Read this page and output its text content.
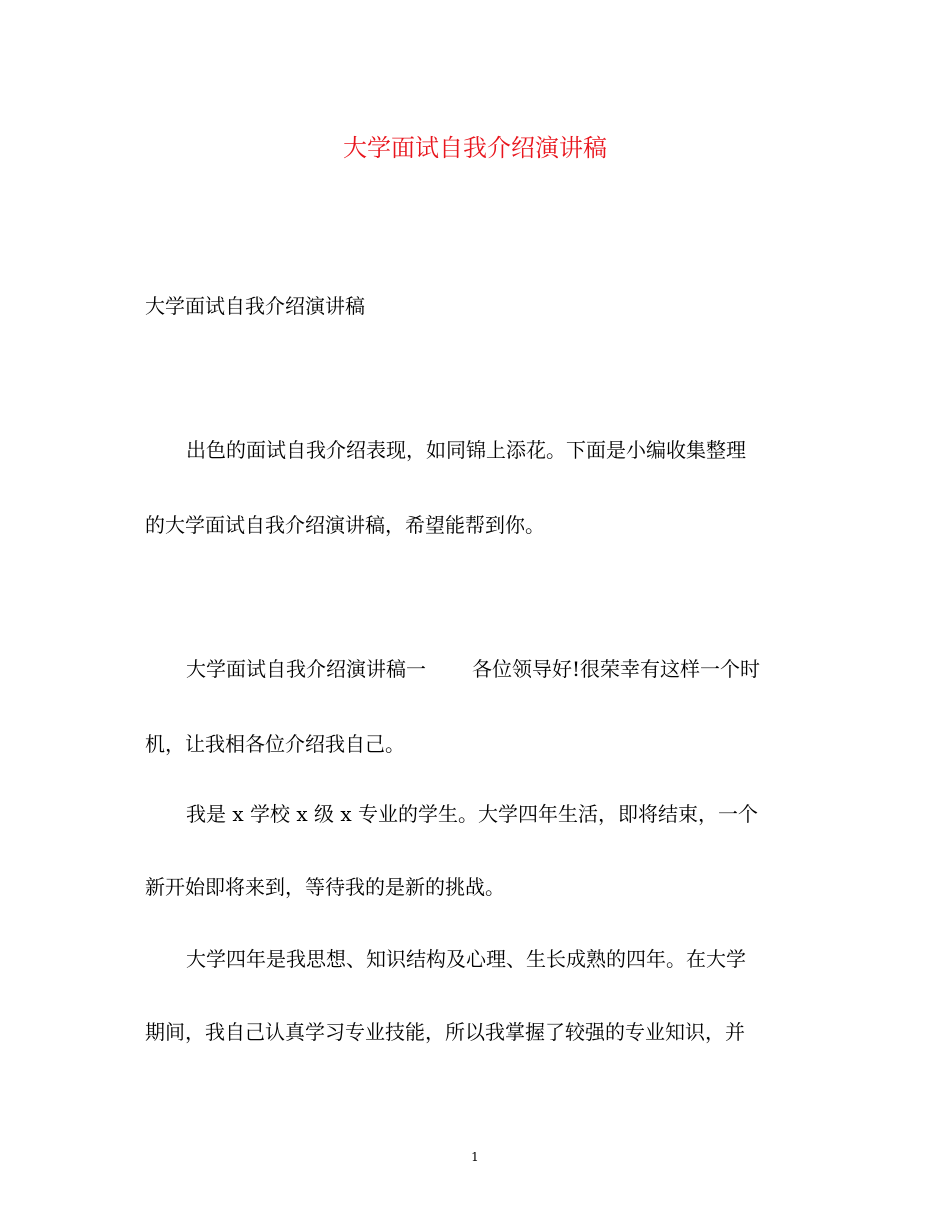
大学面试自我介绍演讲稿
大学面试自我介绍演讲稿
出色的面试自我介绍表现，如同锦上添花。下面是小编收集整理
的大学面试自我介绍演讲稿，希望能帮到你。
大学面试自我介绍演讲稿一 各位领导好!很荣幸有这样一个时
机，让我相各位介绍我自己。
我是 x 学校 x 级 x 专业的学生。大学四年生活，即将结束，一个
新开始即将来到，等待我的是新的挑战。
大学四年是我思想、知识结构及心理、生长成熟的四年。在大学
期间，我自己认真学习专业技能，所以我掌握了较强的专业知识，并
1
